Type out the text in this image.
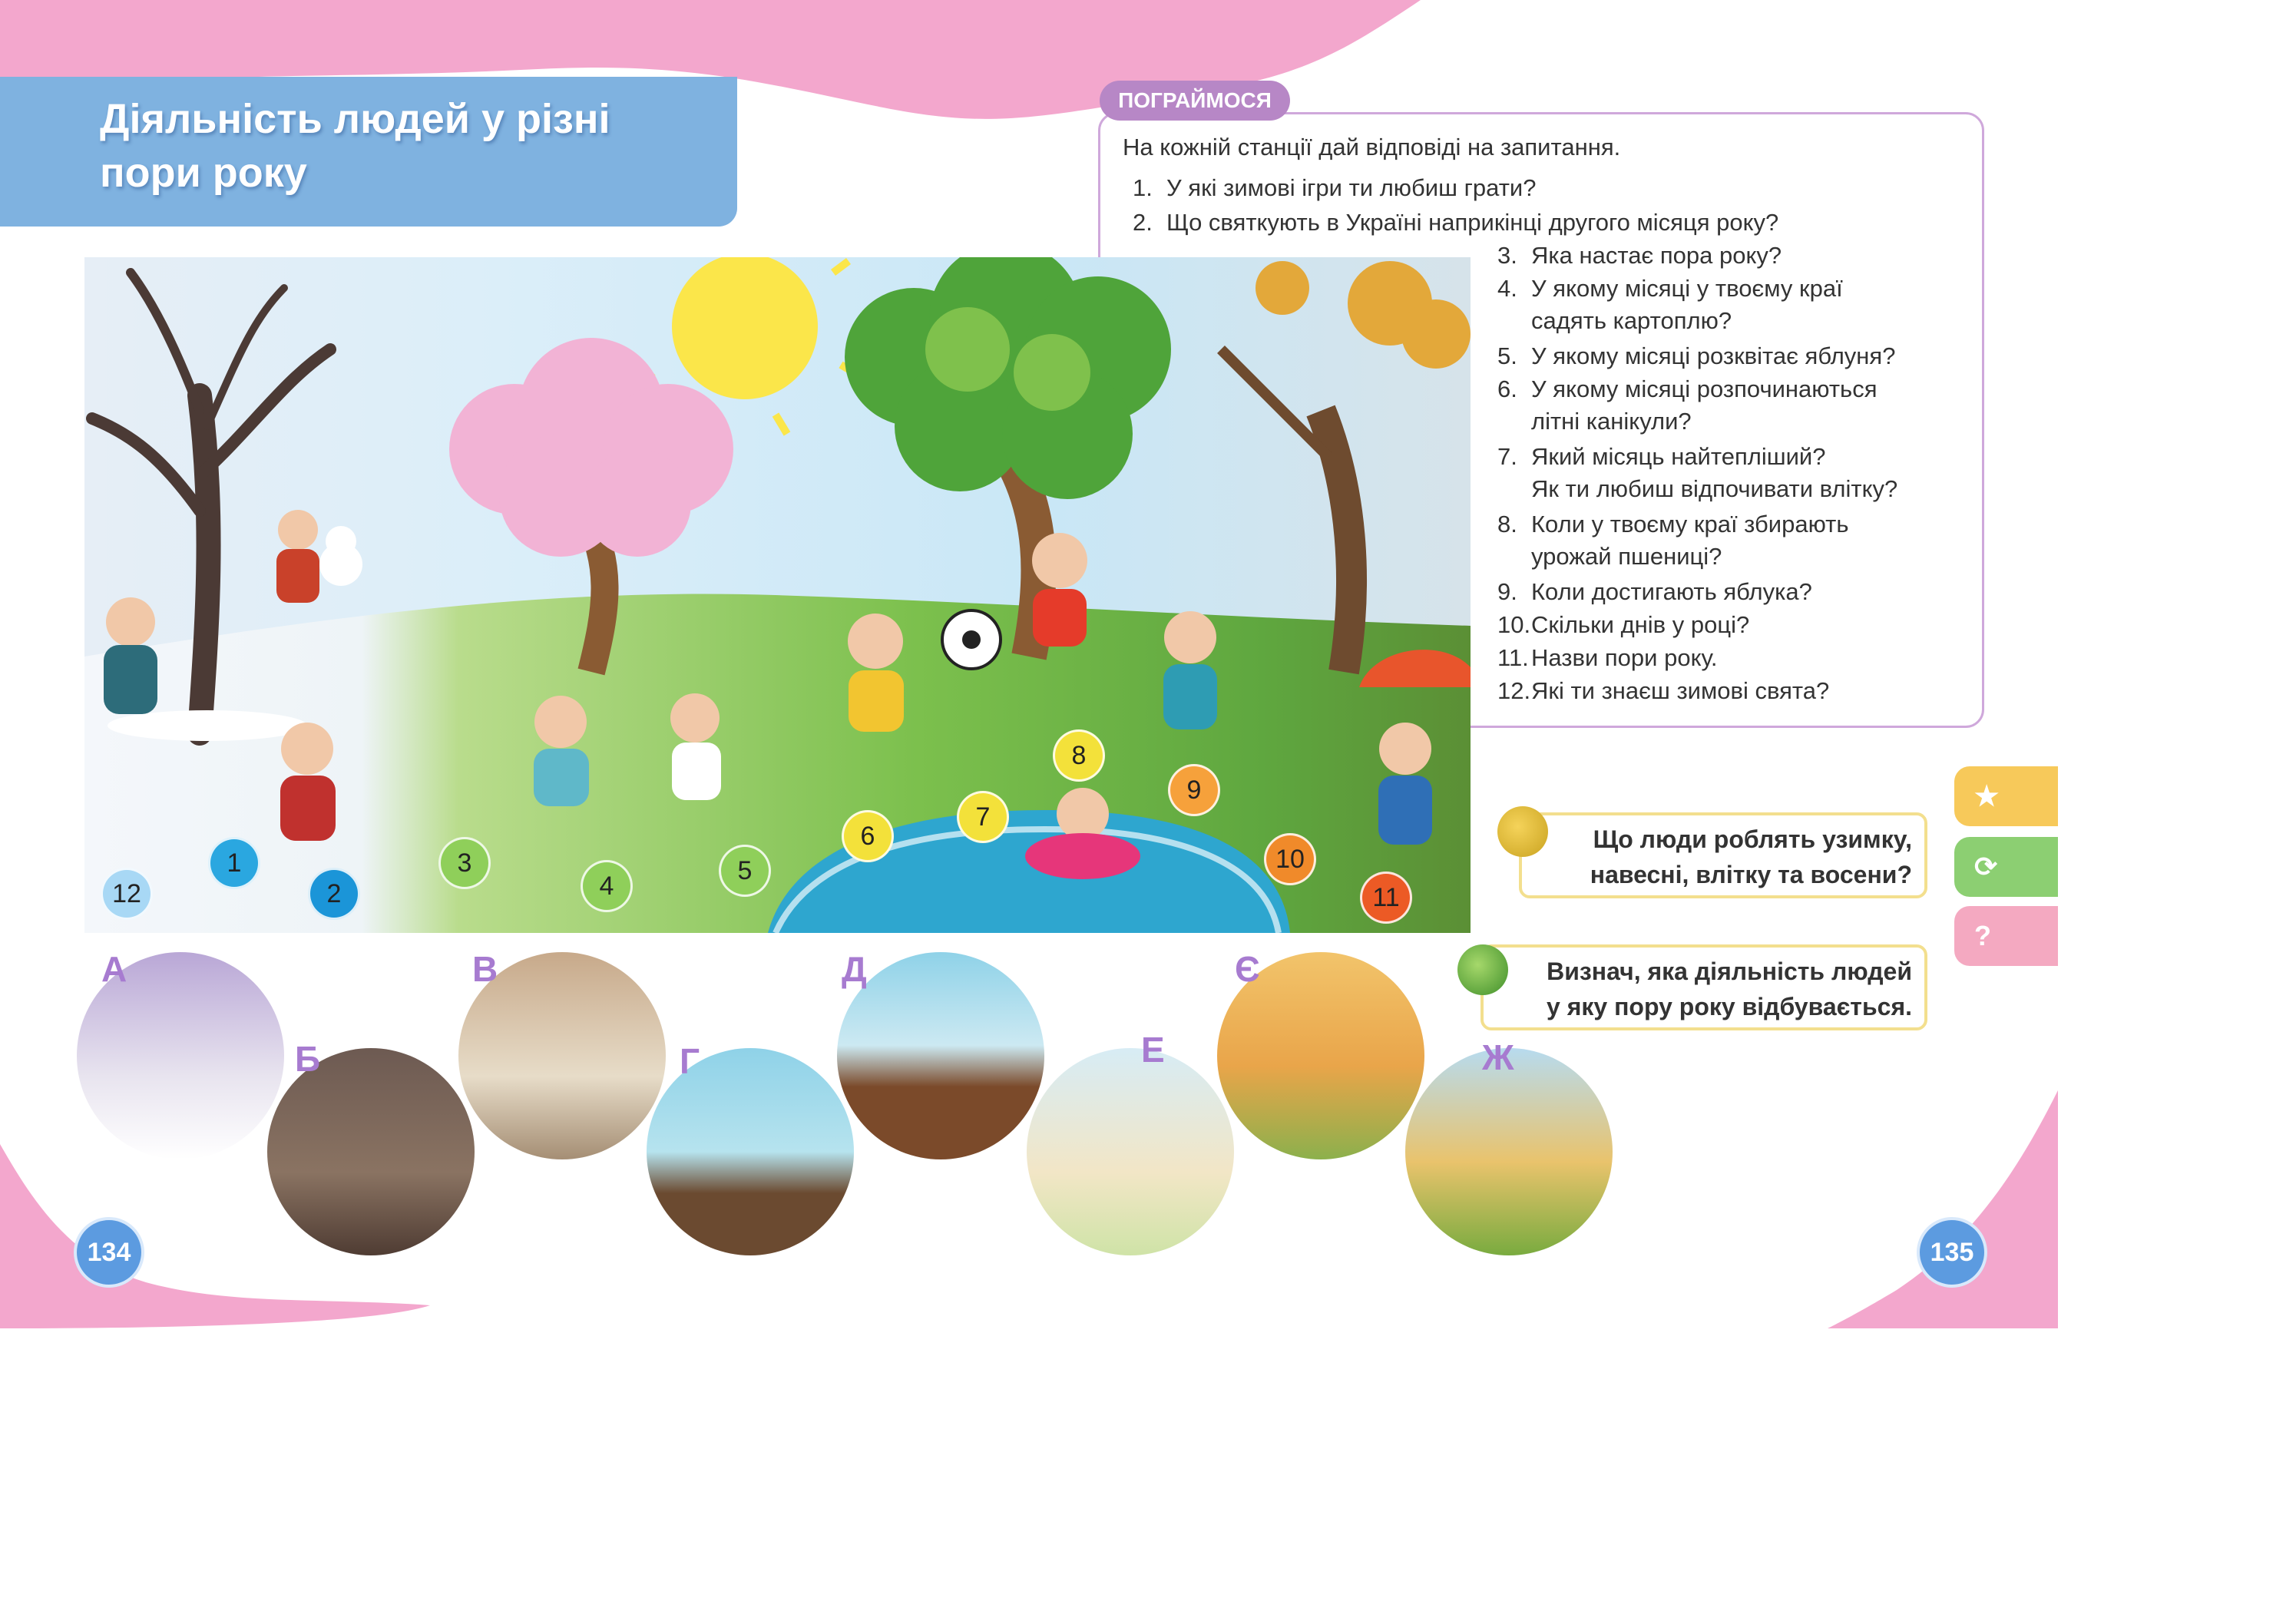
Діяльність людей у різні
пори року
ПОГРАЙМОСЯ
На кожній станції дай відповіді на запитання.
1. У які зимові ігри ти любиш грати?
2. Що святкують в Україні наприкінці другого місяця року?
3. Яка настає пора року?
4. У якому місяці у твоєму краї
садять картоплю?
5. У якому місяці розквітає яблуня?
6. У якому місяці розпочинаються
літні канікули?
7. Який місяць найтепліший?
Як ти любиш відпочивати влітку?
8. Коли у твоєму краї збирають
урожай пшениці?
9. Коли достигають яблука?
10.Скільки днів у році?
11. Назви пори року.
12.Які ти знаєш зимові свята?
1
2
3
4
5
6
7
8
9
10
11
12
А
Б
В
Г
Д
Е
Є
Ж
Що люди роблять узимку,
навесні, влітку та восени?
Визнач, яка діяльність людей
у яку пору року відбувається.
★
⟳
?
134	135
